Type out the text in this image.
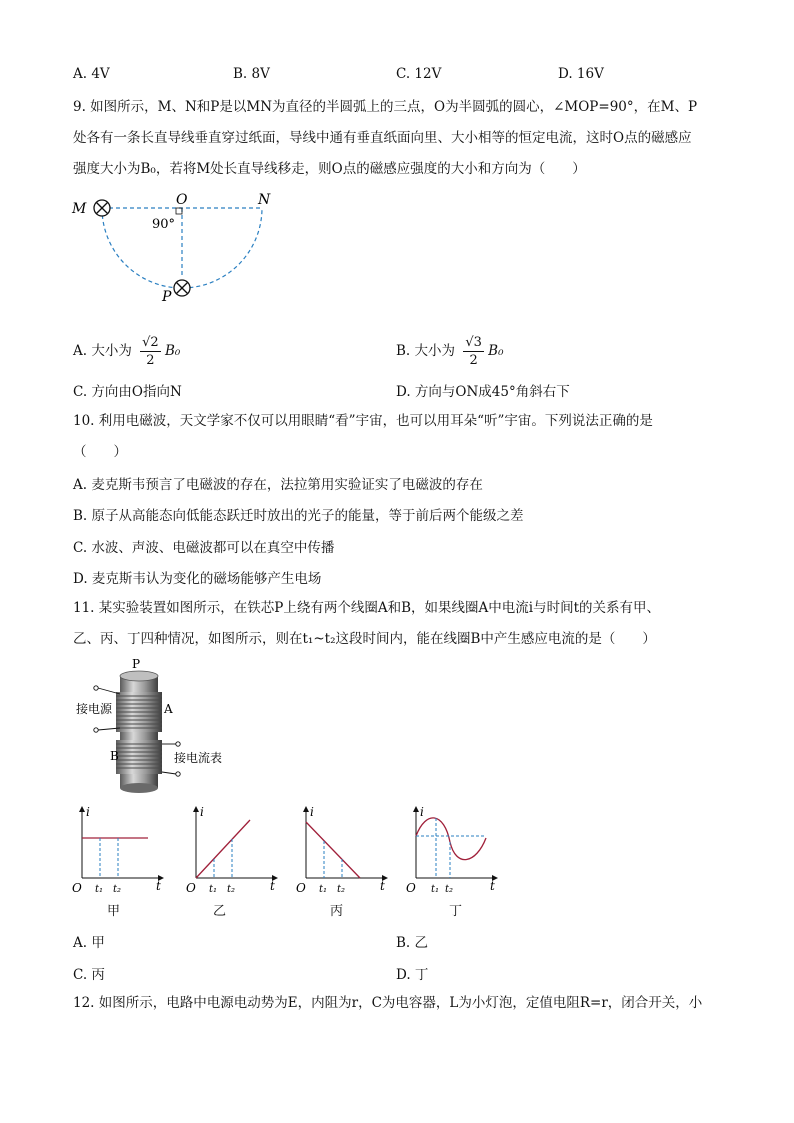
A. 4V	B. 8V	C. 12V	D. 16V
9. 如图所示，M、N和P是以MN为直径的半圆弧上的三点，O为半圆弧的圆心，∠MOP=90°，在M、P
处各有一条长直导线垂直穿过纸面，导线中通有垂直纸面向里、大小相等的恒定电流，这时O点的磁感应
强度大小为B₀，若将M处长直导线移走，则O点的磁感应强度的大小和方向为（　　）
M
O	N
P
90°
A. 大小为 $\frac{√2}{2} B_0$	B. 大小为 $\frac{√3}{2} B_0$
C. 方向由O指向N	D. 方向与ON成45°角斜右下
10. 利用电磁波，天文学家不仅可以用眼睛“看”宇宙，也可以用耳朵“听”宇宙。下列说法正确的是
（　　）
A. 麦克斯韦预言了电磁波的存在，法拉第用实验证实了电磁波的存在
B. 原子从高能态向低能态跃迁时放出的光子的能量，等于前后两个能级之差
C. 水波、声波、电磁波都可以在真空中传播
D. 麦克斯韦认为变化的磁场能够产生电场
11. 某实验装置如图所示，在铁芯P上绕有两个线圈A和B，如果线圈A中电流i与时间t的关系有甲、
乙、丙、丁四种情况，如图所示，则在t₁~t₂这段时间内，能在线圈B中产生感应电流的是（　　）
P
A
B
接电源
接电流表
i
t
O t₁ t₂
甲
i
t
O t₁ t₂
乙
i
t
O t₁ t₂
丙
i
t
O t₁ t₂
丁
A. 甲	B. 乙
C. 丙	D. 丁
12. 如图所示，电路中电源电动势为E，内阻为r，C为电容器，L为小灯泡，定值电阻R=r，闭合开关，小
